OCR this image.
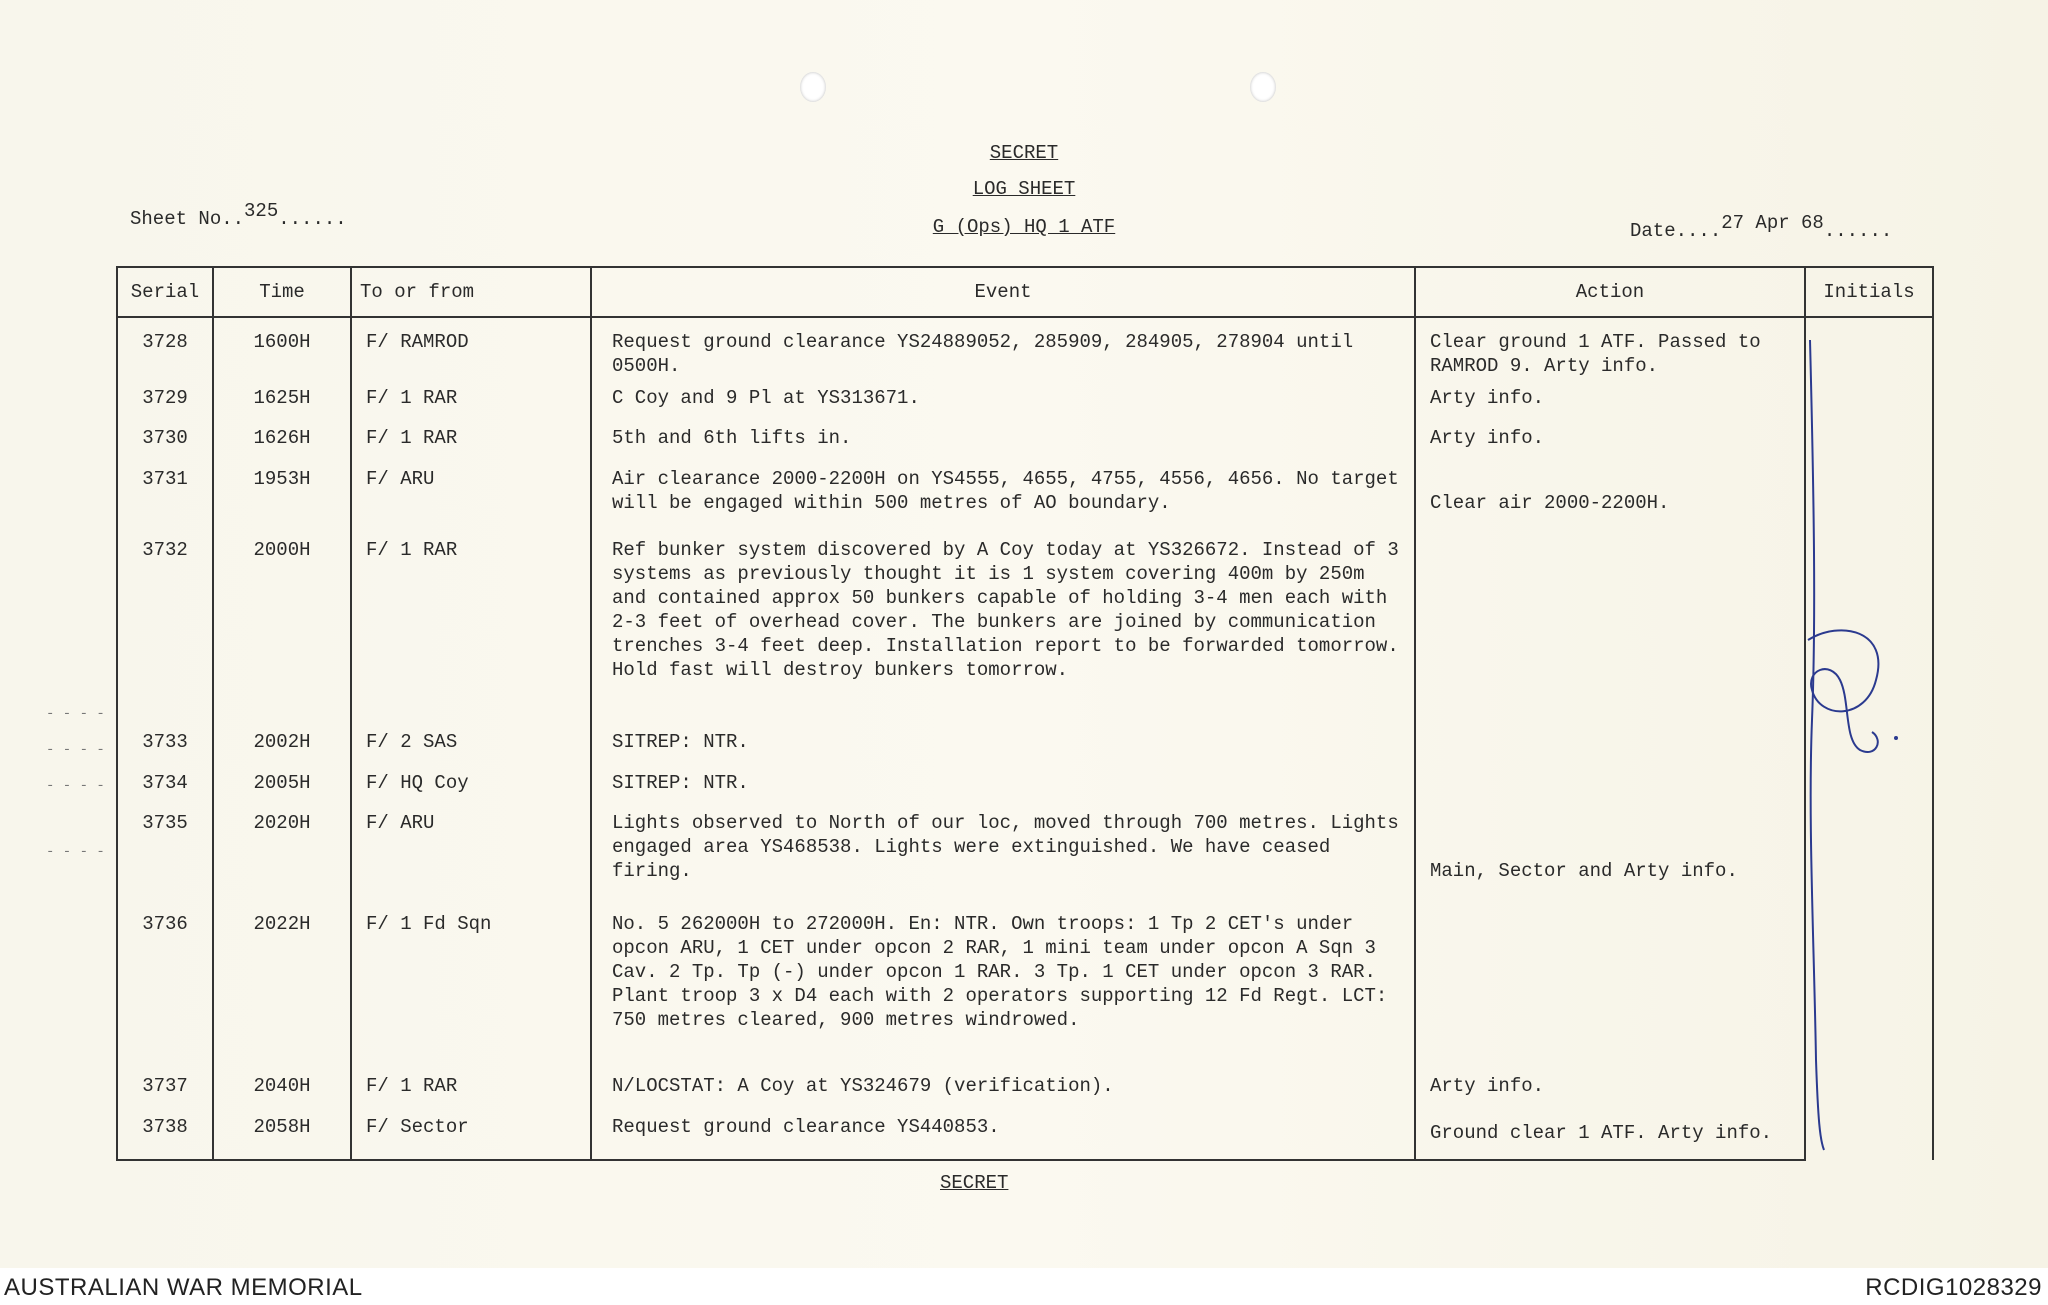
SECRET
LOG SHEET
G (Ops) HQ 1 ATF
Sheet No..325......
Date....27 Apr 68......
- - - -
- - - -
- - - -
- - - -
Serial	Time	To or from	Event	Action	Initials
3728	1600H	F/ RAMROD	Request ground clearance YS24889052, 285909, 284905, 278904 until 0500H.	Clear ground 1 ATF. Passed to RAMROD 9. Arty info.	
3729	1625H	F/ 1 RAR	C Coy and 9 Pl at YS313671.	Arty info.	
3730	1626H	F/ 1 RAR	5th and 6th lifts in.	Arty info.	
3731	1953H	F/ ARU	Air clearance 2000-2200H on YS4555, 4655, 4755, 4556, 4656. No target will be engaged within 500 metres of AO boundary.	Clear air 2000-2200H.	
3732	2000H	F/ 1 RAR	Ref bunker system discovered by A Coy today at YS326672. Instead of 3 systems as previously thought it is 1 system covering 400m by 250m and contained approx 50 bunkers capable of holding 3-4 men each with 2-3 feet of overhead cover. The bunkers are joined by communication trenches 3-4 feet deep. Installation report to be forwarded tomorrow. Hold fast will destroy bunkers tomorrow.		
3733	2002H	F/ 2 SAS	SITREP: NTR.		
3734	2005H	F/ HQ Coy	SITREP: NTR.		
3735	2020H	F/ ARU	Lights observed to North of our loc, moved through 700 metres. Lights engaged area YS468538. Lights were extinguished. We have ceased firing.	Main, Sector and Arty info.	
3736	2022H	F/ 1 Fd Sqn	No. 5 262000H to 272000H. En: NTR. Own troops: 1 Tp 2 CET's under opcon ARU, 1 CET under opcon 2 RAR, 1 mini team under opcon A Sqn 3 Cav. 2 Tp. Tp (-) under opcon 1 RAR. 3 Tp. 1 CET under opcon 3 RAR. Plant troop 3 x D4 each with 2 operators supporting 12 Fd Regt. LCT: 750 metres cleared, 900 metres windrowed.		
3737	2040H	F/ 1 RAR	N/LOCSTAT: A Coy at YS324679 (verification).	Arty info.	
3738	2058H	F/ Sector	Request ground clearance YS440853.	Ground clear 1 ATF. Arty info.	
SECRET
AUSTRALIAN WAR MEMORIAL	RCDIG1028329
